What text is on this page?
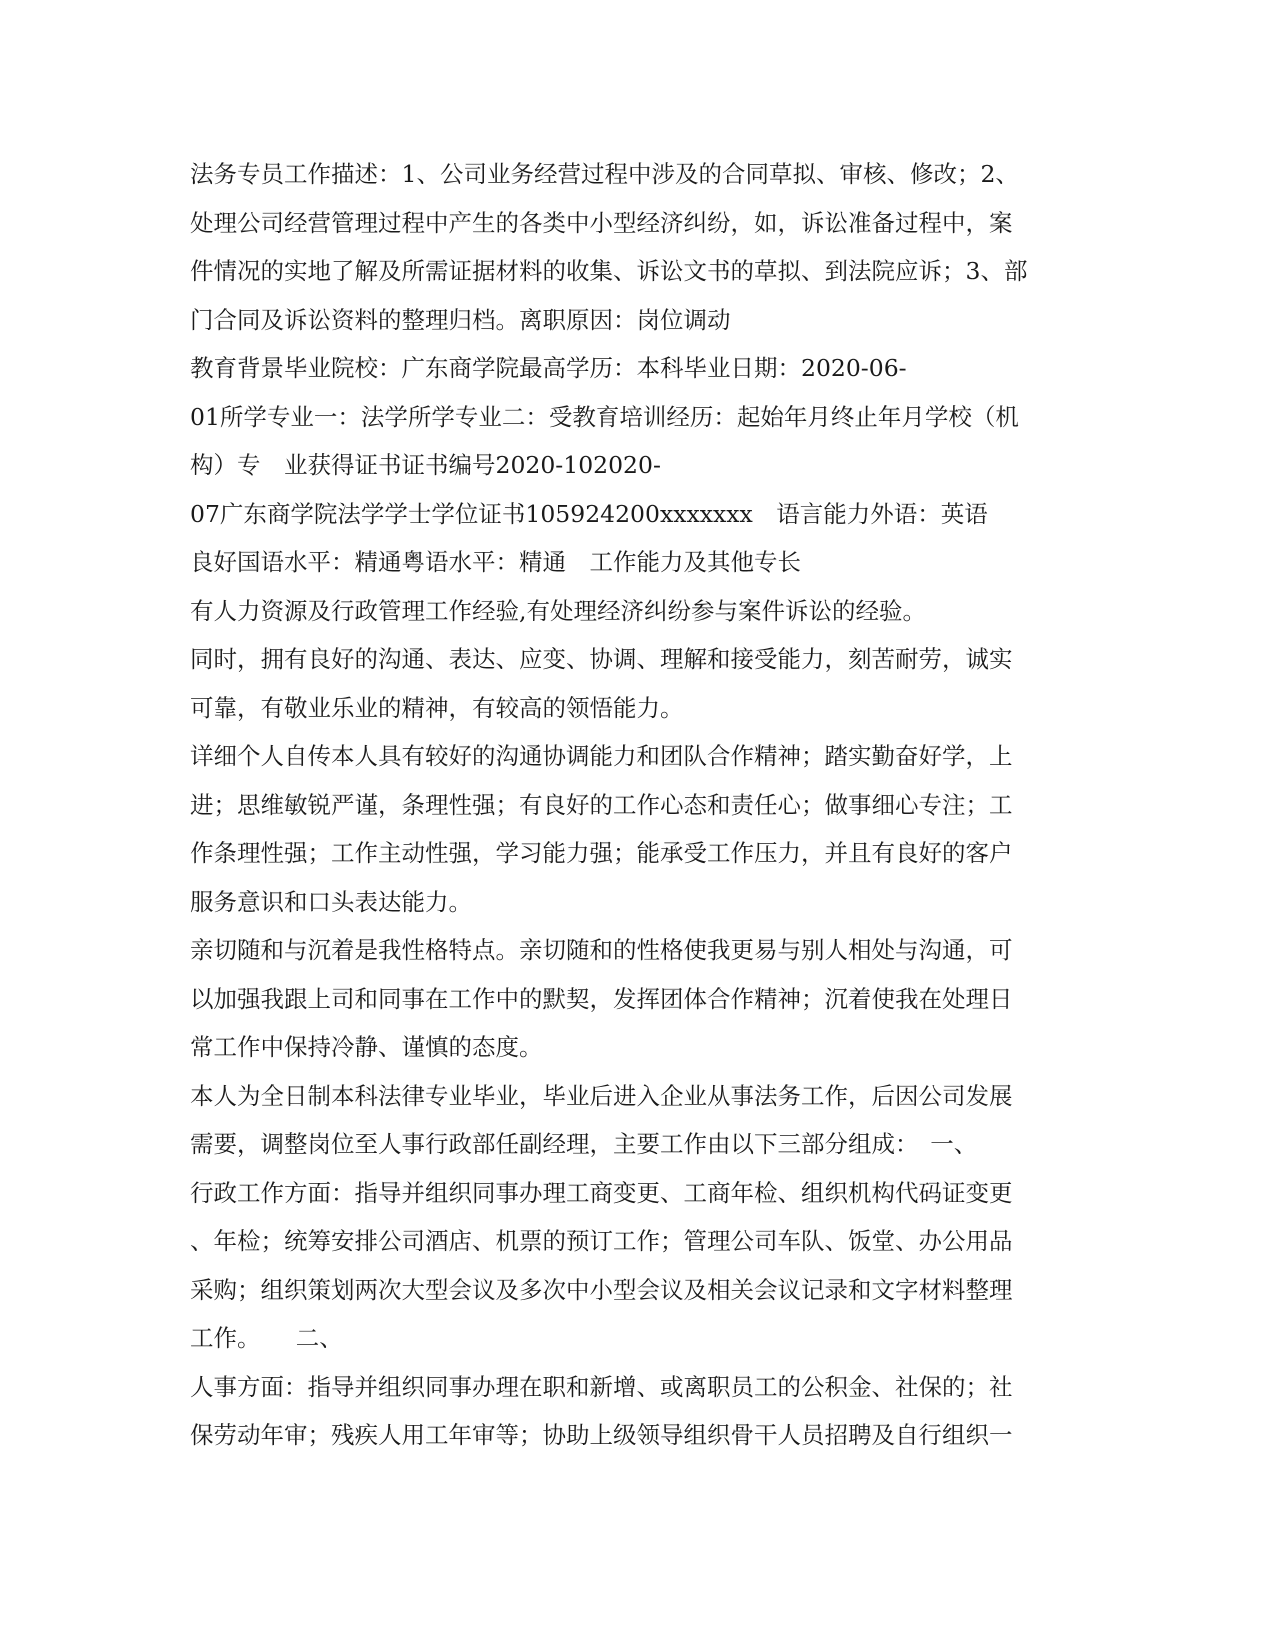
法务专员工作描述：1、公司业务经营过程中涉及的合同草拟、审核、修改；2、
处理公司经营管理过程中产生的各类中小型经济纠纷，如，诉讼准备过程中，案
件情况的实地了解及所需证据材料的收集、诉讼文书的草拟、到法院应诉；3、部
门合同及诉讼资料的整理归档。离职原因：岗位调动
教育背景毕业院校：广东商学院最高学历：本科毕业日期：2020-06-
01所学专业一：法学所学专业二：受教育培训经历：起始年月终止年月学校（机
构）专　业获得证书证书编号2020-102020-
07广东商学院法学学士学位证书105924200xxxxxxx　语言能力外语：英语
良好国语水平：精通粤语水平：精通　工作能力及其他专长
有人力资源及行政管理工作经验,有处理经济纠纷参与案件诉讼的经验。
同时，拥有良好的沟通、表达、应变、协调、理解和接受能力，刻苦耐劳，诚实
可靠，有敬业乐业的精神，有较高的领悟能力。
详细个人自传本人具有较好的沟通协调能力和团队合作精神；踏实勤奋好学，上
进；思维敏锐严谨，条理性强；有良好的工作心态和责任心；做事细心专注；工
作条理性强；工作主动性强，学习能力强；能承受工作压力，并且有良好的客户
服务意识和口头表达能力。
亲切随和与沉着是我性格特点。亲切随和的性格使我更易与别人相处与沟通，可
以加强我跟上司和同事在工作中的默契，发挥团体合作精神；沉着使我在处理日
常工作中保持冷静、谨慎的态度。
本人为全日制本科法律专业毕业，毕业后进入企业从事法务工作，后因公司发展
需要，调整岗位至人事行政部任副经理，主要工作由以下三部分组成：　一、
行政工作方面：指导并组织同事办理工商变更、工商年检、组织机构代码证变更
、年检；统筹安排公司酒店、机票的预订工作；管理公司车队、饭堂、办公用品
采购；组织策划两次大型会议及多次中小型会议及相关会议记录和文字材料整理
工作。　　二、
人事方面：指导并组织同事办理在职和新增、或离职员工的公积金、社保的；社
保劳动年审；残疾人用工年审等；协助上级领导组织骨干人员招聘及自行组织一
